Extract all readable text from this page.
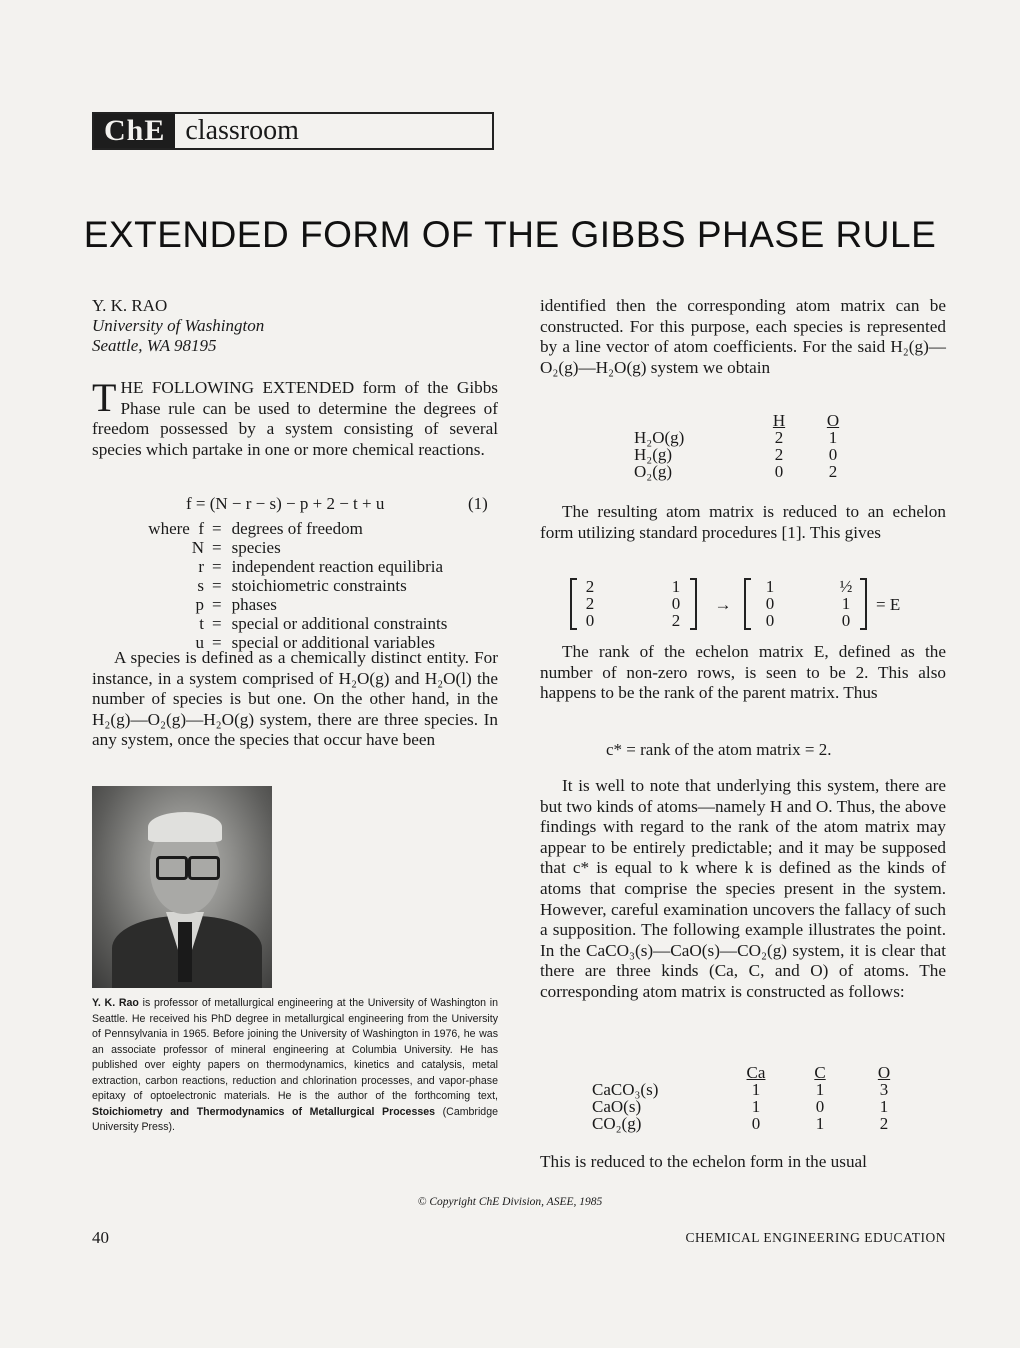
ChE classroom
EXTENDED FORM OF THE GIBBS PHASE RULE
Y. K. RAO
University of Washington
Seattle, WA 98195

THE FOLLOWING EXTENDED form of the Gibbs Phase rule can be used to determine the degrees of freedom possessed by a system consisting of several species which partake in one or more chemical reactions.

f = (N − r − s) − p + 2 − t + u	(1)
where f	=	degrees of freedom
N	=	species
r	=	independent reaction equilibria
s	=	stoichiometric constraints
p	=	phases
t	=	special or additional constraints
u	=	special or additional variables
A species is defined as a chemically distinct entity. For instance, in a system comprised of H₂O(g) and H₂O(l) the number of species is but one. On the other hand, in the H₂(g)—O₂(g)—H₂O(g) system, there are three species. In any system, once the species that occur have been
Y. K. Rao is professor of metallurgical engineering at the University of Washington in Seattle. He received his PhD degree in metallurgical engineering from the University of Pennsylvania in 1965. Before joining the University of Washington in 1976, he was an associate professor of mineral engineering at Columbia University. He has published over eighty papers on thermodynamics, kinetics and catalysis, metal extraction, carbon reactions, reduction and chlorination processes, and vapor-phase epitaxy of optoelectronic materials. He is the author of the forthcoming text, Stoichiometry and Thermodynamics of Metallurgical Processes (Cambridge University Press).
identified then the corresponding atom matrix can be constructed. For this purpose, each species is represented by a line vector of atom coefficients. For the said H₂(g)—O₂(g)—H₂O(g) system we obtain
	H	O
H₂O(g)	2	1
H₂(g)	2	0
O₂(g)	0	2
The resulting atom matrix is reduced to an echelon form utilizing standard procedures [1]. This gives
2	1
2	0
0	2
→
1	½
0	1
0	0
= E
The rank of the echelon matrix E, defined as the number of non-zero rows, is seen to be 2. This also happens to be the rank of the parent matrix. Thus
c* = rank of the atom matrix = 2.
It is well to note that underlying this system, there are but two kinds of atoms—namely H and O. Thus, the above findings with regard to the rank of the atom matrix may appear to be entirely predictable; and it may be supposed that c* is equal to k where k is defined as the kinds of atoms that comprise the species present in the system. However, careful examination uncovers the fallacy of such a supposition. The following example illustrates the point. In the CaCO₃(s)—CaO(s)—CO₂(g) system, it is clear that there are three kinds (Ca, C, and O) of atoms. The corresponding atom matrix is constructed as follows:
	Ca	C	O
CaCO₃(s)	1	1	3
CaO(s)	1	0	1
CO₂(g)	0	1	2
This is reduced to the echelon form in the usual
© Copyright ChE Division, ASEE, 1985
40	CHEMICAL ENGINEERING EDUCATION
